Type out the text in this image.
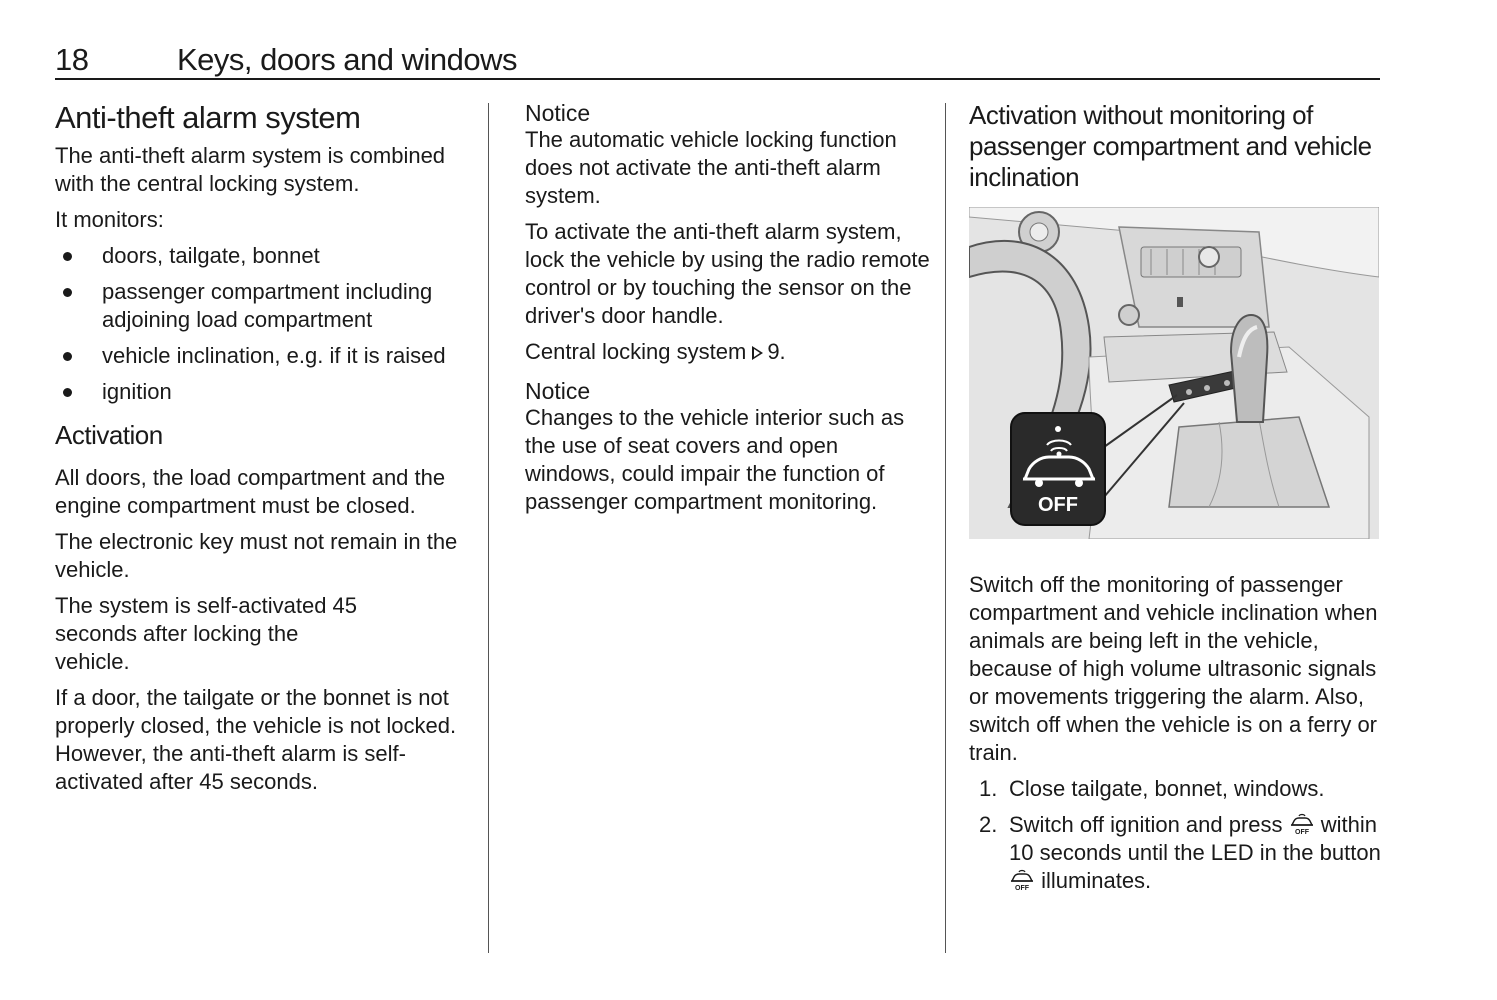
18	Keys, doors and windows
Anti-theft alarm system

The anti-theft alarm system is combined with the central locking system.

It monitors:

doors, tailgate, bonnet
passenger compartment including adjoining load compartment
vehicle inclination, e.g. if it is raised
ignition
Activation

All doors, the load compartment and the engine compartment must be closed.

The electronic key must not remain in the vehicle.

The system is self-activated 45 seconds after locking the vehicle.

If a door, the tailgate or the bonnet is not properly closed, the vehicle is not locked. However, the anti-theft alarm is self-activated after 45 seconds.

Notice

The automatic vehicle locking function does not activate the anti-theft alarm system.

To activate the anti-theft alarm system, lock the vehicle by using the radio remote control or by touching the sensor on the driver's door handle.

Central locking system 9.

Notice

Changes to the vehicle interior such as the use of seat covers and open windows, could impair the function of passenger compartment monitoring.

Activation without monitoring of passenger compartment and vehicle inclination
OFF

Switch off the monitoring of passenger compartment and vehicle inclination when animals are being left in the vehicle, because of high volume ultrasonic signals or movements triggering the alarm. Also, switch off when the vehicle is on a ferry or train.

1. Close tailgate, bonnet, windows.
2. Switch off ignition and press OFF within 10 seconds until the LED in the button
OFF illuminates.
